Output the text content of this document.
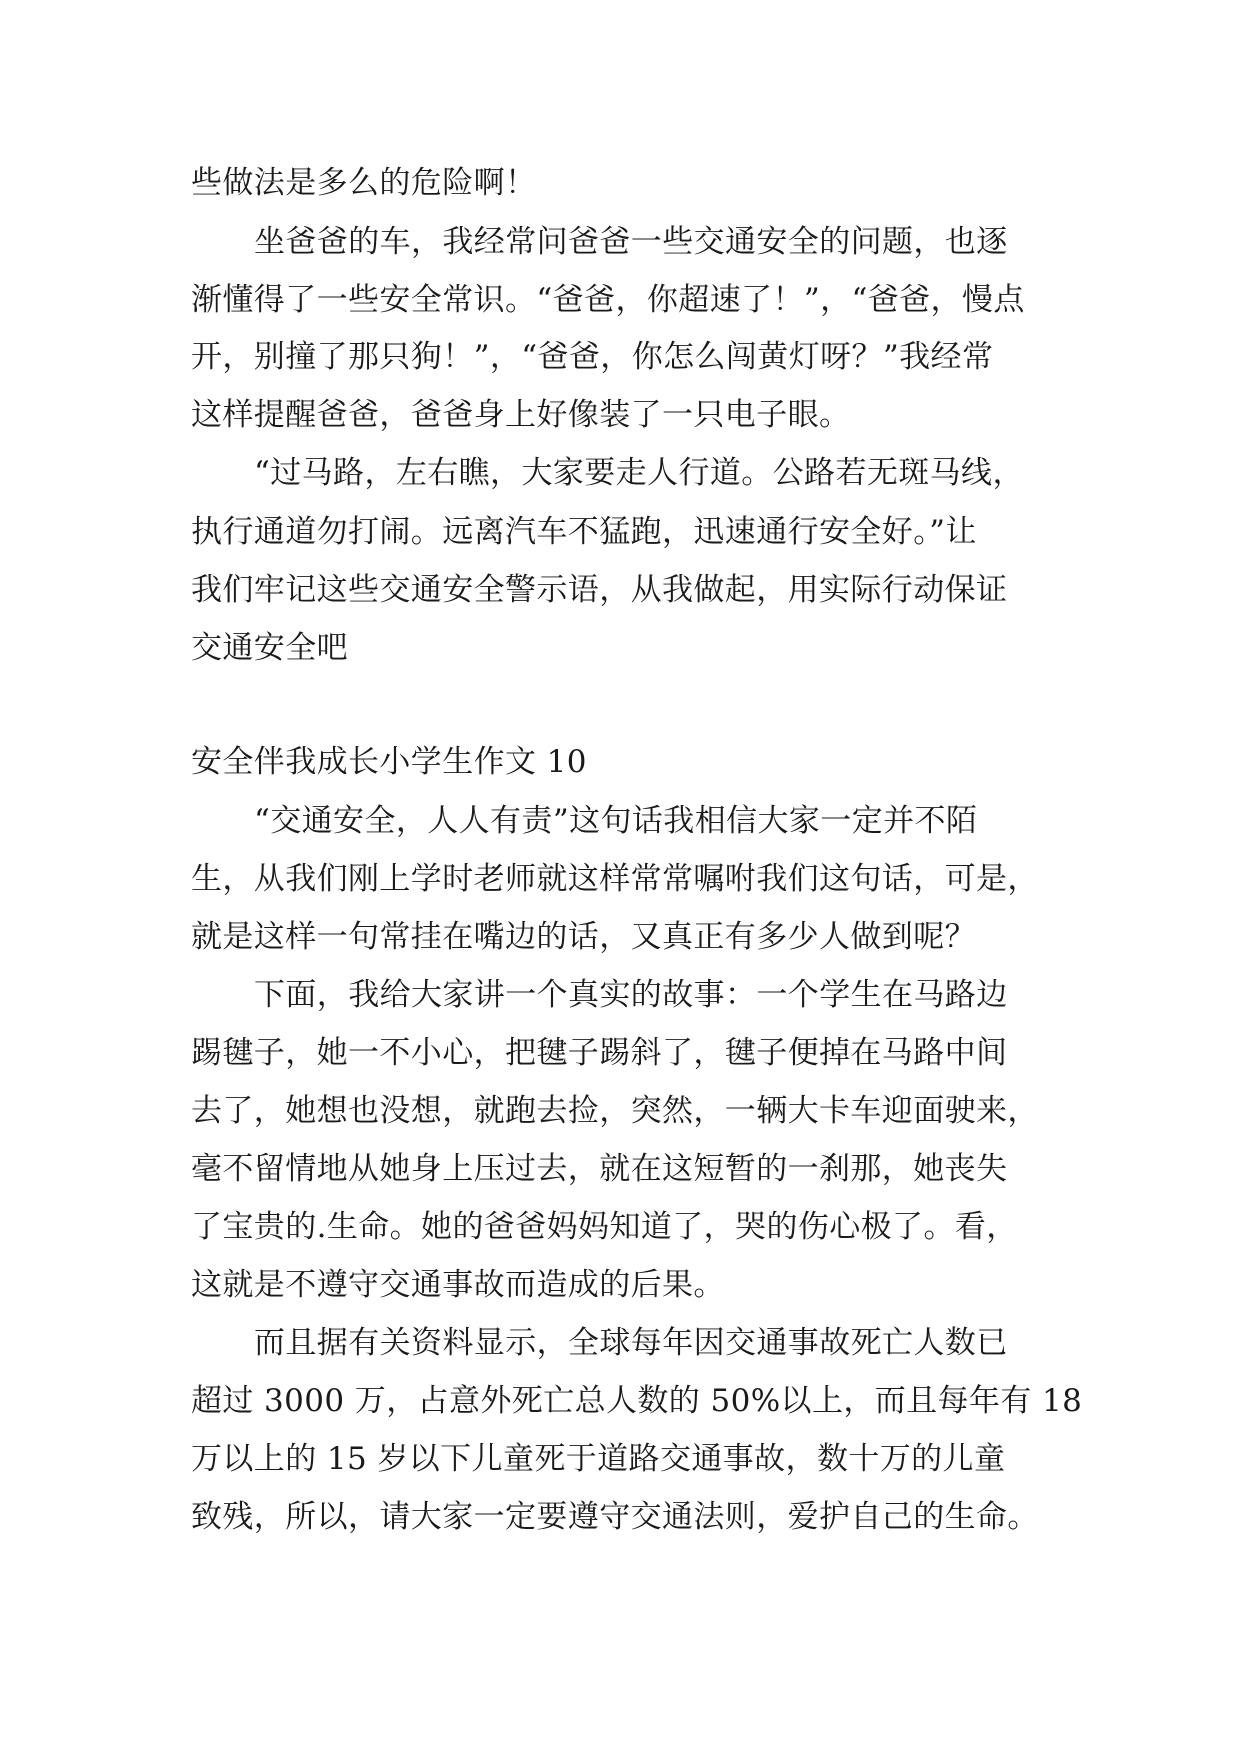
些做法是多么的危险啊！
坐爸爸的车，我经常问爸爸一些交通安全的问题，也逐
渐懂得了一些安全常识。“爸爸，你超速了！”，“爸爸，慢点
开，别撞了那只狗！”，“爸爸，你怎么闯黄灯呀？”我经常
这样提醒爸爸，爸爸身上好像装了一只电子眼。
“过马路，左右瞧，大家要走人行道。公路若无斑马线，
执行通道勿打闹。远离汽车不猛跑，迅速通行安全好。”让
我们牢记这些交通安全警示语，从我做起，用实际行动保证
交通安全吧
安全伴我成长小学生作文 10
“交通安全，人人有责”这句话我相信大家一定并不陌
生，从我们刚上学时老师就这样常常嘱咐我们这句话，可是，
就是这样一句常挂在嘴边的话，又真正有多少人做到呢？
下面，我给大家讲一个真实的故事：一个学生在马路边
踢毽子，她一不小心，把毽子踢斜了，毽子便掉在马路中间
去了，她想也没想，就跑去捡，突然，一辆大卡车迎面驶来，
毫不留情地从她身上压过去，就在这短暂的一刹那，她丧失
了宝贵的.生命。她的爸爸妈妈知道了，哭的伤心极了。看，
这就是不遵守交通事故而造成的后果。
而且据有关资料显示，全球每年因交通事故死亡人数已
超过 3000 万，占意外死亡总人数的 50%以上，而且每年有 18
万以上的 15 岁以下儿童死于道路交通事故，数十万的儿童
致残，所以，请大家一定要遵守交通法则，爱护自己的生命。
